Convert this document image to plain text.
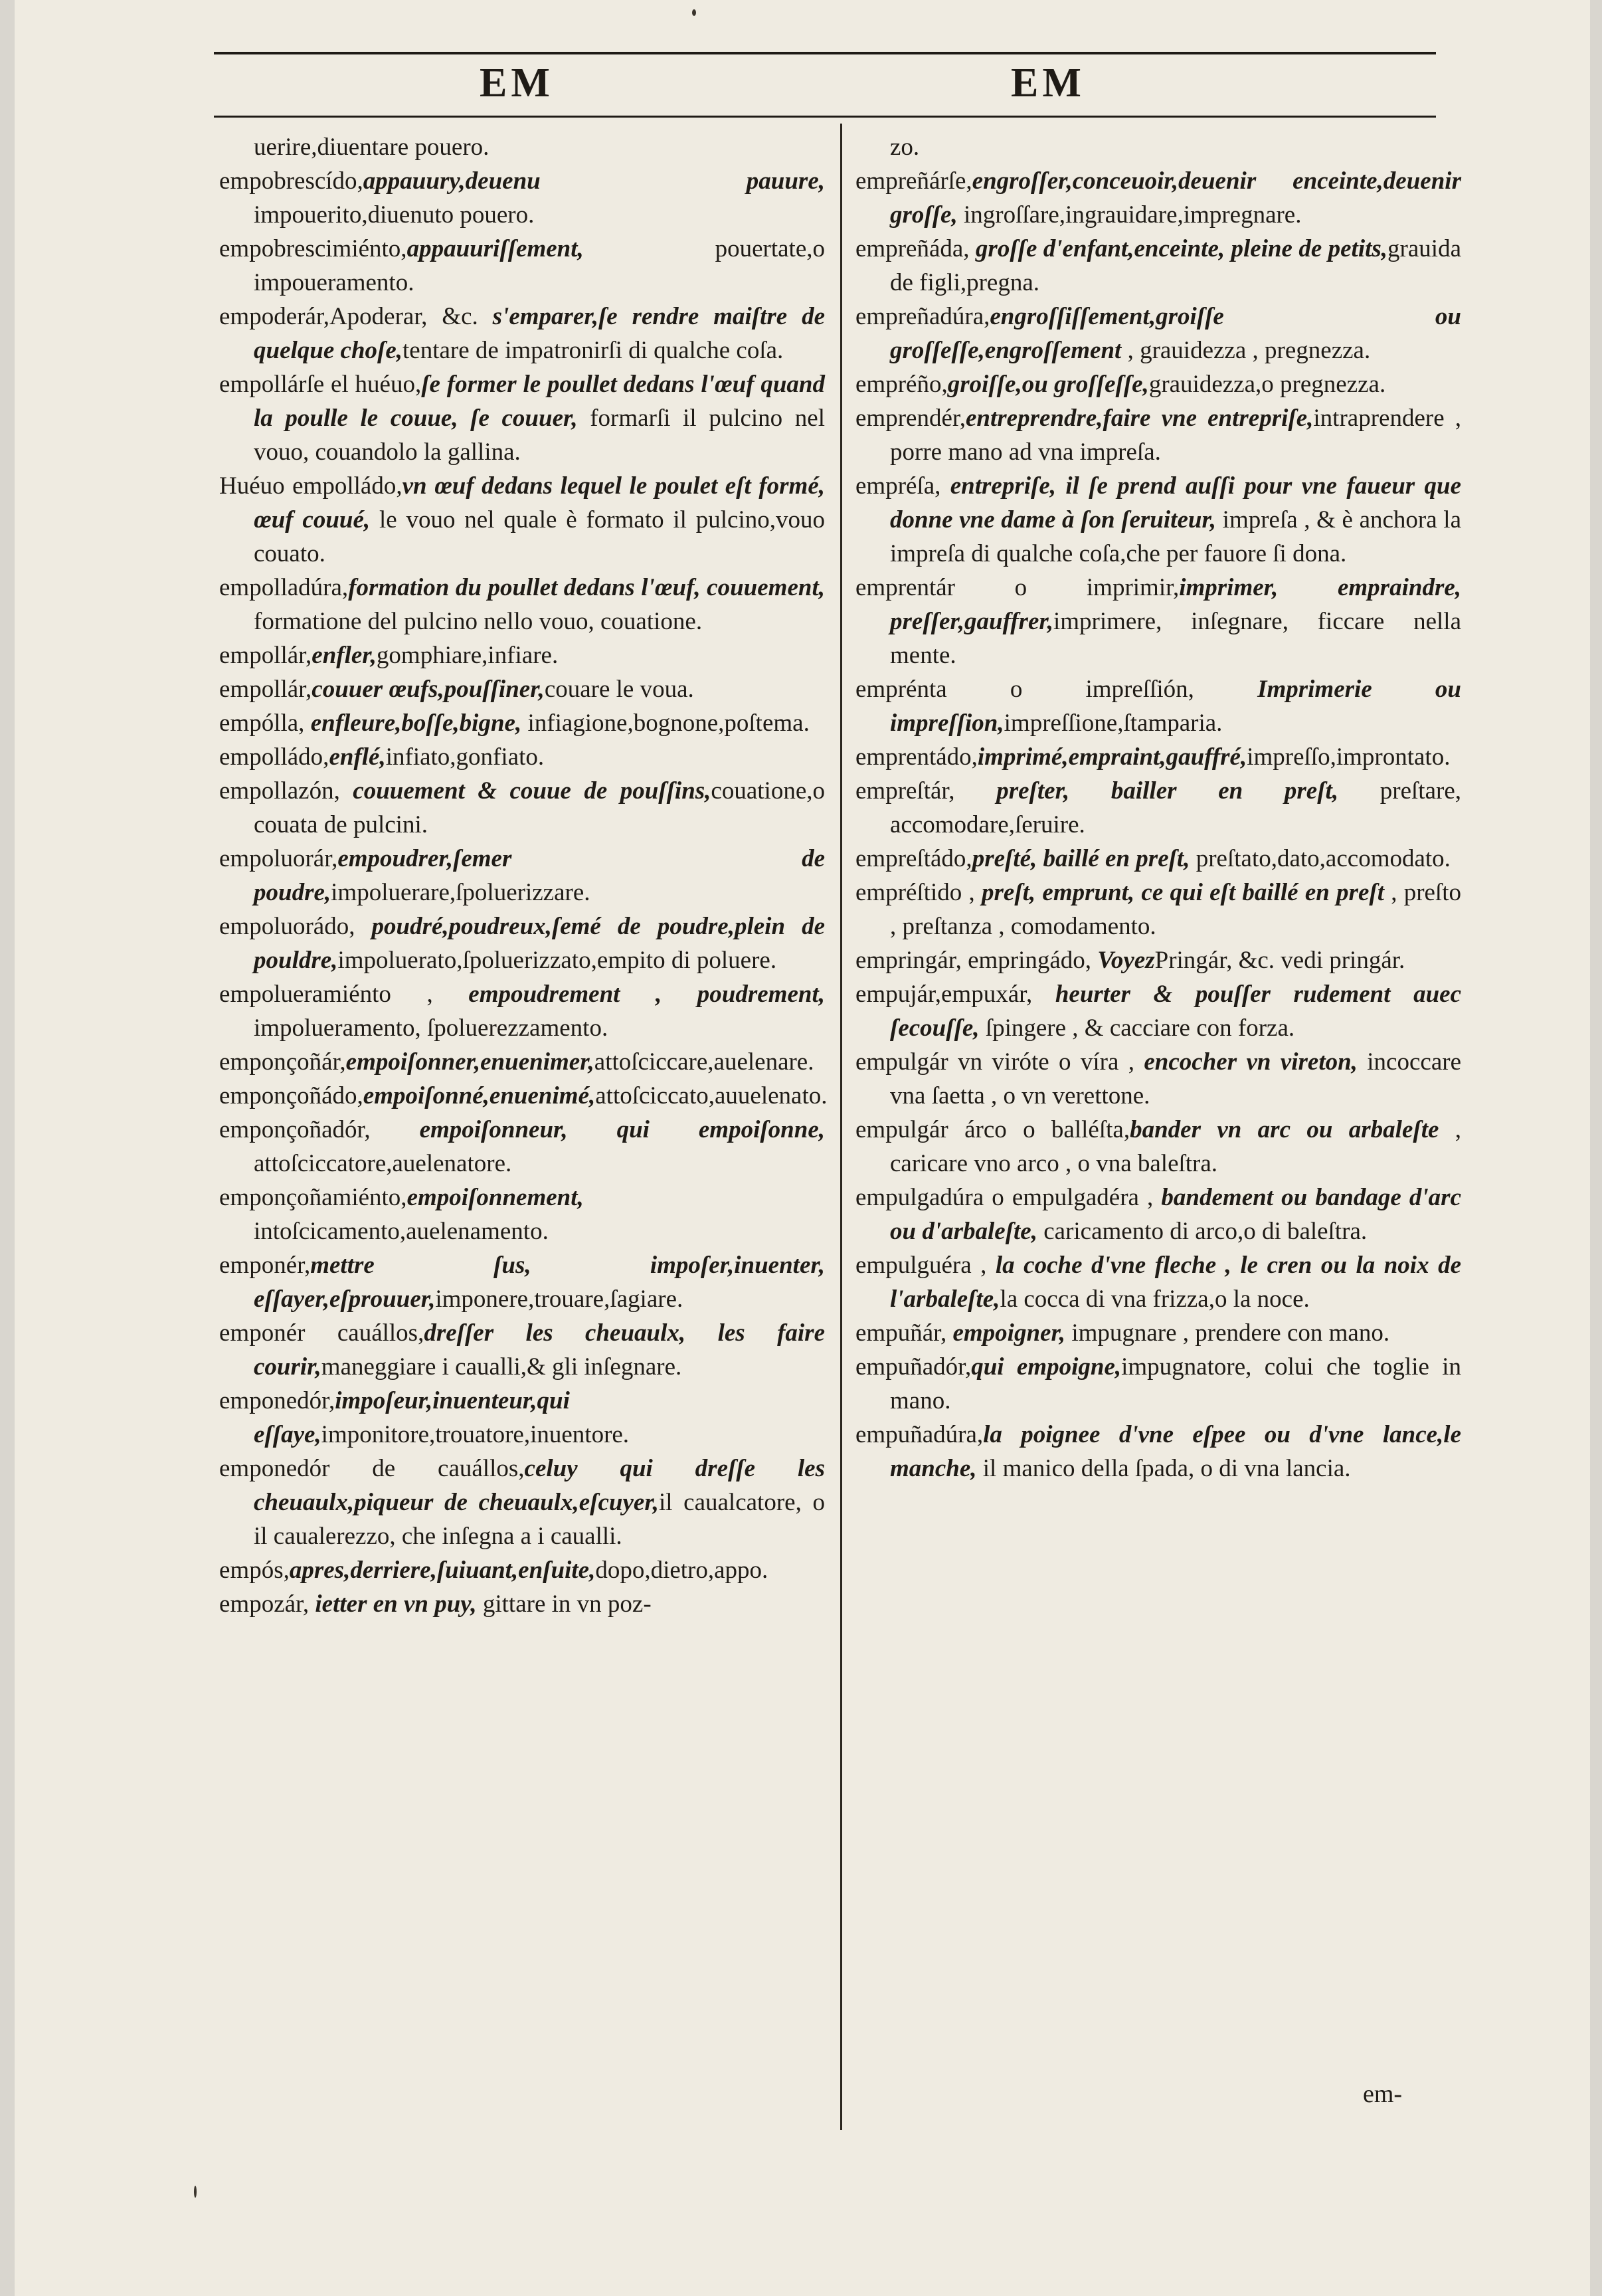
EM	EM

uerire,diuentare pouero.

empobrescído,appauury,deuenu pauure, impouerito,diuenuto pouero.

empobrescimiénto,appauuriſſement, pouertate,o impoueramento.

empoderár,Apoderar, &c. s'emparer,ſe rendre maiſtre de quelque choſe,tentare de impatronirſi di qualche coſa.

empollárſe el huéuo,ſe former le poullet dedans l'œuf quand la poulle le couue, ſe couuer, formarſi il pulcino nel vouo, couandolo la gallina.

Huéuo empolládo,vn œuf dedans lequel le poulet eſt formé, œuf couué, le vouo nel quale è formato il pulcino,vouo couato.

empolladúra,formation du poullet dedans l'œuf, couuement, formatione del pulcino nello vouo, couatione.

empollár,enfler,gomphiare,infiare.

empollár,couuer œufs,pouſſiner,couare le voua.

empólla, enfleure,boſſe,bigne, infiagione,bognone,poſtema.

empolládo,enflé,infiato,gonfiato.

empollazón, couuement & couue de pouſſins,couatione,o couata de pulcini.

empoluorár,empoudrer,ſemer de poudre,impoluerare,ſpoluerizzare.

empoluorádo, poudré,poudreux,ſemé de poudre,plein de pouldre,impoluerato,ſpoluerizzato,empito di poluere.

empolueramiénto , empoudrement , poudrement, impolueramento, ſpoluerezzamento.

emponçoñár,empoiſonner,enuenimer,attoſciccare,auelenare.

emponçoñádo,empoiſonné,enuenimé,attoſciccato,auuelenato.

emponçoñadór, empoiſonneur, qui empoiſonne, attoſciccatore,auelenatore.

emponçoñamiénto,empoiſonnement, intoſcicamento,auelenamento.

emponér,mettre ſus, impoſer,inuenter, eſſayer,eſprouuer,imponere,trouare,ſagiare.

emponér cauállos,dreſſer les cheuaulx, les faire courir,maneggiare i caualli,& gli inſegnare.

emponedór,impoſeur,inuenteur,qui eſſaye,imponitore,trouatore,inuentore.

emponedór de cauállos,celuy qui dreſſe les cheuaulx,piqueur de cheuaulx,eſcuyer,il caualcatore, o il caualerezzo, che inſegna a i caualli.

empós,apres,derriere,ſuiuant,enſuite,dopo,dietro,appo.

empozár, ietter en vn puy, gittare in vn poz-

zo.

empreñárſe,engroſſer,conceuoir,deuenir enceinte,deuenir groſſe, ingroſſare,ingrauidare,impregnare.

empreñáda, groſſe d'enfant,enceinte, pleine de petits,grauida de figli,pregna.

empreñadúra,engroſſiſſement,groiſſe ou groſſeſſe,engroſſement , grauidezza , pregnezza.

empréño,groiſſe,ou groſſeſſe,grauidezza,o pregnezza.

emprendér,entreprendre,faire vne entrepriſe,intraprendere , porre mano ad vna impreſa.

empréſa, entrepriſe, il ſe prend auſſi pour vne faueur que donne vne dame à ſon ſeruiteur, impreſa , & è anchora la impreſa di qualche coſa,che per fauore ſi dona.

emprentár o imprimir,imprimer, empraindre, preſſer,gauffrer,imprimere, inſegnare, ficcare nella mente.

emprénta o impreſſión, Imprimerie ou impreſſion,impreſſione,ſtamparia.

emprentádo,imprimé,empraint,gauffré,impreſſo,improntato.

empreſtár, preſter, bailler en preſt, preſtare, accomodare,ſeruire.

empreſtádo,preſté, baillé en preſt, preſtato,dato,accomodato.

empréſtido , preſt, emprunt, ce qui eſt baillé en preſt , preſto , preſtanza , comodamento.

empringár, empringádo, VoyezPringár, &c. vedi pringár.

empujár,empuxár, heurter & pouſſer rudement auec ſecouſſe, ſpingere , & cacciare con forza.

empulgár vn viróte o víra , encocher vn vireton, incoccare vna ſaetta , o vn verettone.

empulgár árco o balléſta,bander vn arc ou arbaleſte , caricare vno arco , o vna baleſtra.

empulgadúra o empulgadéra , bandement ou bandage d'arc ou d'arbaleſte, caricamento di arco,o di baleſtra.

empulguéra , la coche d'vne fleche , le cren ou la noix de l'arbaleſte,la cocca di vna frizza,o la noce.

empuñár, empoigner, impugnare , prendere con mano.

empuñadór,qui empoigne,impugnatore, colui che toglie in mano.

empuñadúra,la poignee d'vne eſpee ou d'vne lance,le manche, il manico della ſpada, o di vna lancia.

em-
